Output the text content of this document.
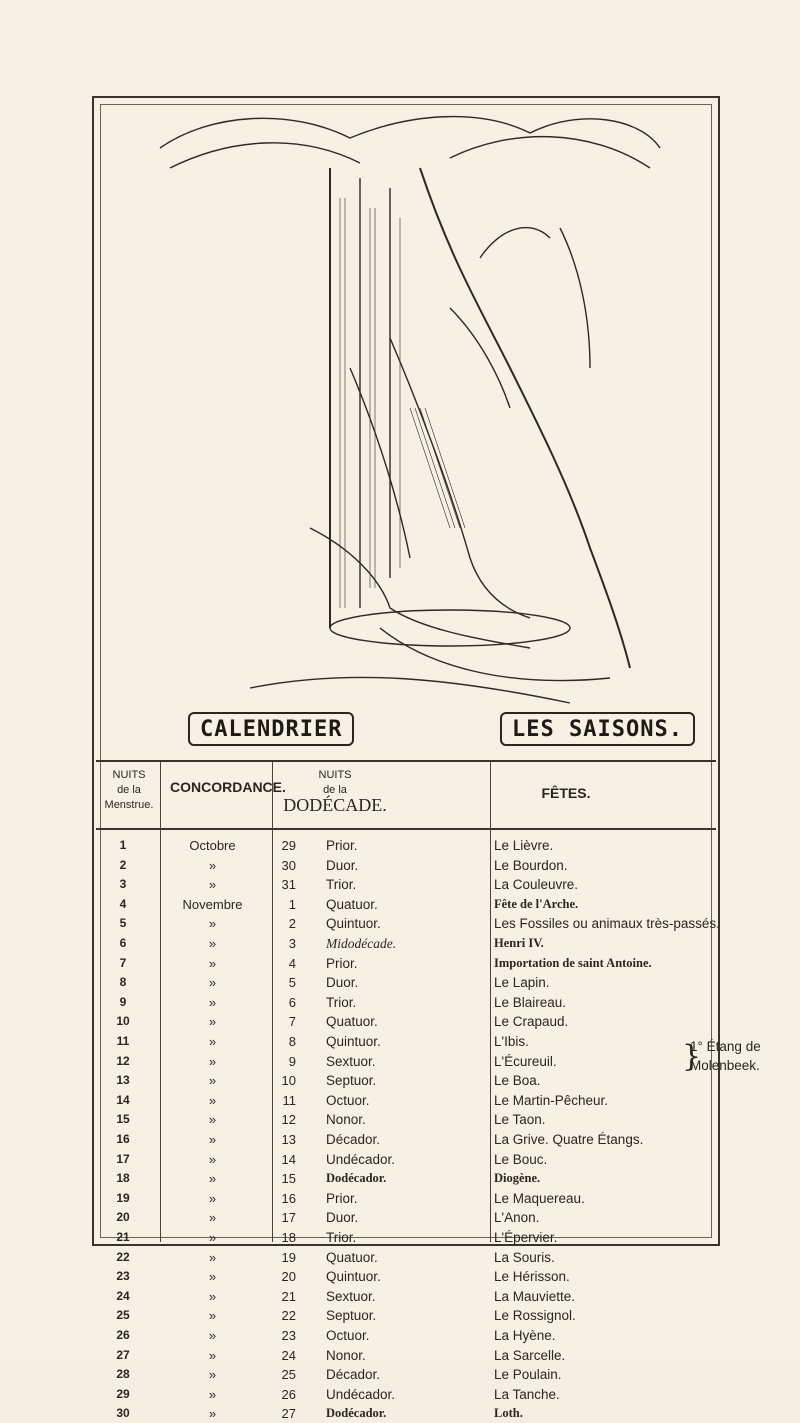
CALENDRIER	LES SAISONS.
NUITS
de la
Menstrue.
CONCORDANCE.
NUITS
de la
DODÉCADE.
FÊTES.
1	Octobre	29 Prior.	Le Lièvre.
2	»	30 Duor.	Le Bourdon.
3	»	31 Trior.	La Couleuvre.
4	Novembre	1 Quatuor.	Fête de l'Arche.
5	»	2 Quintuor.	Les Fossiles ou animaux très-passés.
6	»	3 Midodécade.	Henri IV.
7	»	4 Prior.	Importation de saint Antoine.
8	»	5 Duor.	Le Lapin.
9	»	6 Trior.	Le Blaireau.
10	»	7 Quatuor.	Le Crapaud.
11	»	8 Quintuor.	L'Ibis.
12	»	9 Sextuor.	L'Écureuil.
13	»	10 Septuor.	Le Boa.
14	»	11 Octuor.	Le Martin-Pêcheur.
15	»	12 Nonor.	Le Taon.
16	»	13 Décador.	La Grive. Quatre Étangs.
17	»	14 Undécador.	Le Bouc.
18	»	15 Dodécador.	Diogène.
19	»	16 Prior.	Le Maquereau.
20	»	17 Duor.	L'Anon.
21	»	18 Trior.	L'Épervier.
22	»	19 Quatuor.	La Souris.
23	»	20 Quintuor.	Le Hérisson.
24	»	21 Sextuor.	La Mauviette.
25	»	22 Septuor.	Le Rossignol.
26	»	23 Octuor.	La Hyène.
27	»	24 Nonor.	La Sarcelle.
28	»	25 Décador.	Le Poulain.
29	»	26 Undécador.	La Tanche.
30	»	27 Dodécador.	Loth.
}
1° Étang de
Molenbeek.
